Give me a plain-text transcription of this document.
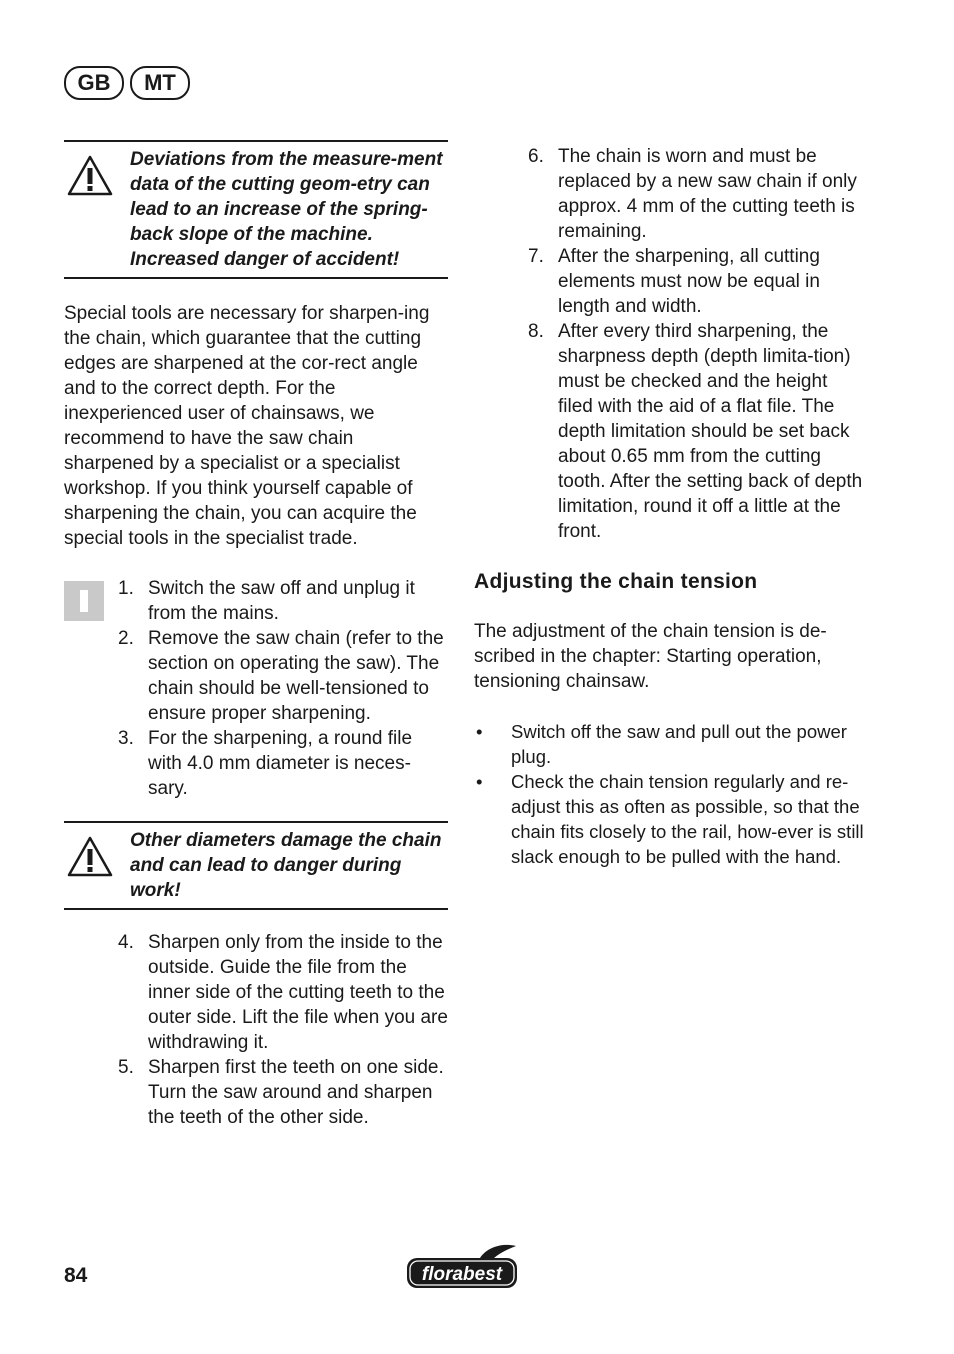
GB	MT
Deviations from the measure-ment data of the cutting geom-etry can lead to an increase of the spring-back slope of the machine. Increased danger of accident!

Special tools are necessary for sharpen-ing the chain, which guarantee that the cutting edges are sharpened at the cor-rect angle and to the correct depth. For the inexperienced user of chainsaws, we recommend to have the saw chain sharpened by a specialist or a specialist workshop. If you think yourself capable of sharpening the chain, you can acquire the special tools in the specialist trade.

1. Switch the saw off and unplug it from the mains.
2. Remove the saw chain (refer to the section on operating the saw). The chain should be well-tensioned to ensure proper sharpening.
3. For the sharpening, a round file with 4.0 mm diameter is neces-sary.
Other diameters damage the chain and can lead to danger during work!
4. Sharpen only from the inside to the outside. Guide the file from the inner side of the cutting teeth to the outer side. Lift the file when you are withdrawing it.
5. Sharpen first the teeth on one side. Turn the saw around and sharpen the teeth of the other side.
6. The chain is worn and must be replaced by a new saw chain if only approx. 4 mm of the cutting teeth is remaining.
7. After the sharpening, all cutting elements must now be equal in length and width.
8. After every third sharpening, the sharpness depth (depth limita-tion) must be checked and the height filed with the aid of a flat file. The depth limitation should be set back about 0.65 mm from the cutting tooth. After the setting back of depth limitation, round it off a little at the front.
Adjusting the chain tension

The adjustment of the chain tension is de-scribed in the chapter: Starting operation, tensioning chainsaw.

•	Switch off the saw and pull out the power plug.
•	Check the chain tension regularly and re-adjust this as often as possible, so that the chain fits closely to the rail, how-ever is still slack enough to be pulled with the hand.
84	florabest
